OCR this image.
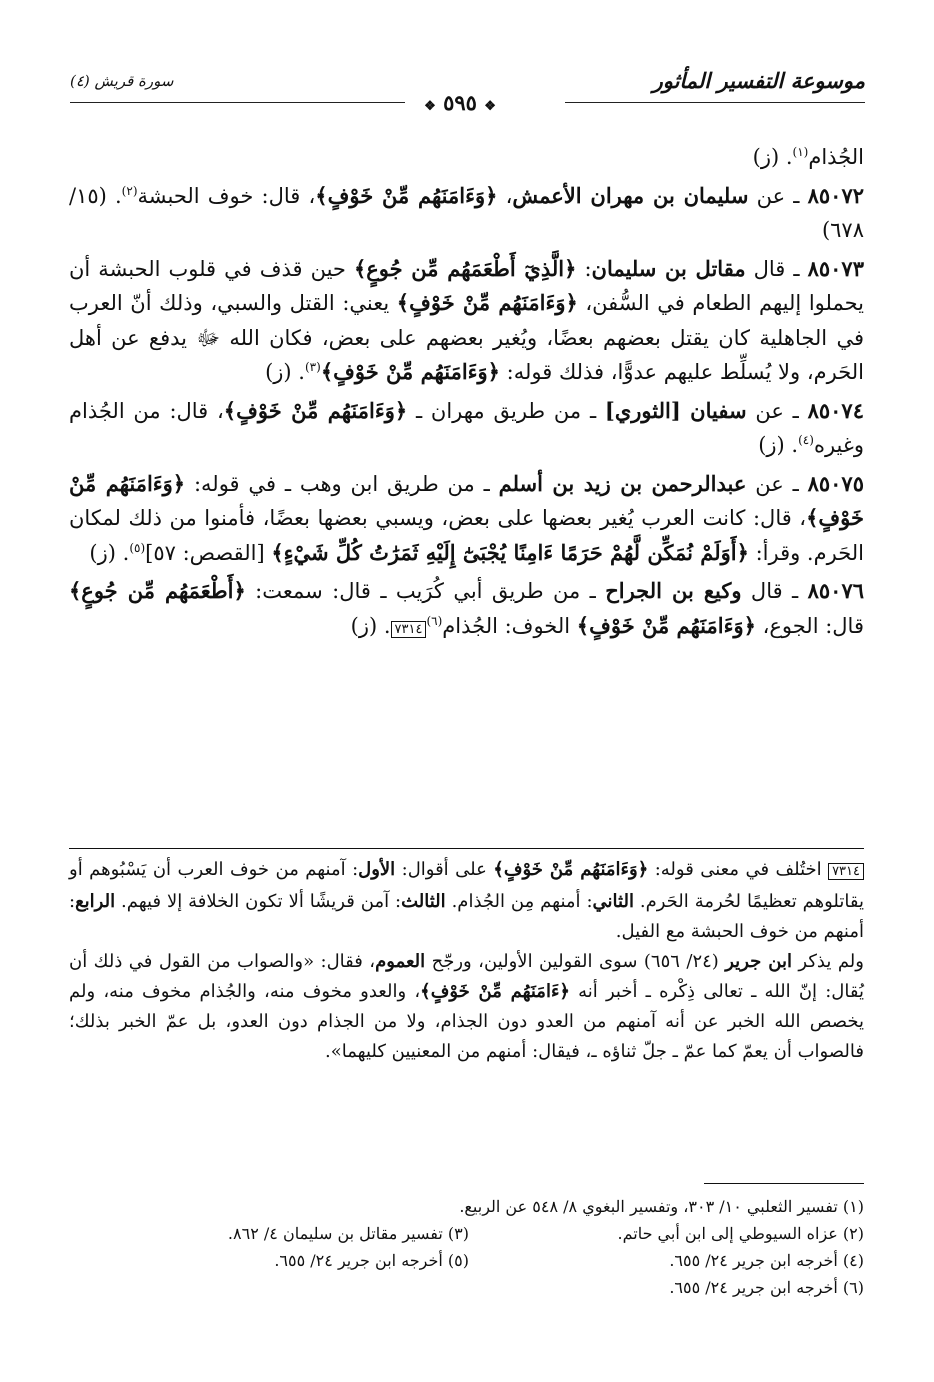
موسوعة التفسير المأثور
سورة قريش (٤)
❖ ٥٩٥ ❖

الجُذام$^{(١)}$. (ز)

٨٥٠٧٢ ـ عن سليمان بن مهران الأعمش، ﴿وَءَامَنَهُم مِّنْ خَوْفٍ﴾، قال: خوف الحبشة$^{(٢)}$. (١٥/ ٦٧٨)

٨٥٠٧٣ ـ قال مقاتل بن سليمان: ﴿الَّذِيٓ أَطْعَمَهُم مِّن جُوعٍ﴾ حين قذف في قلوب الحبشة أن يحملوا إليهم الطعام في السُّفن، ﴿وَءَامَنَهُم مِّنْ خَوْفٍ﴾ يعني: القتل والسبي، وذلك أنّ العرب في الجاهلية كان يقتل بعضهم بعضًا، ويُغير بعضهم على بعض، فكان الله ﷻ يدفع عن أهل الحَرم، ولا يُسلِّط عليهم عدوًّا، فذلك قوله: ﴿وَءَامَنَهُم مِّنْ خَوْفٍ﴾$^{(٣)}$. (ز)

٨٥٠٧٤ ـ عن سفيان [الثوري] ـ من طريق مهران ـ ﴿وَءَامَنَهُم مِّنْ خَوْفٍ﴾، قال: من الجُذام وغيره$^{(٤)}$. (ز)

٨٥٠٧٥ ـ عن عبدالرحمن بن زيد بن أسلم ـ من طريق ابن وهب ـ في قوله: ﴿وَءَامَنَهُم مِّنْ خَوْفٍ﴾، قال: كانت العرب يُغير بعضها على بعض، ويسبي بعضها بعضًا، فأمنوا من ذلك لمكان الحَرم. وقرأ: ﴿أَوَلَمْ نُمَكِّن لَّهُمْ حَرَمًا ءَامِنًا يُجْبَىٰٓ إِلَيْهِ ثَمَرَٰتُ كُلِّ شَيْءٍ﴾ [القصص: ٥٧]$^{(٥)}$. (ز)

٨٥٠٧٦ ـ قال وكيع بن الجراح ـ من طريق أبي كُرَيب ـ قال: سمعت: ﴿أَطْعَمَهُم مِّن جُوعٍ﴾ قال: الجوع، ﴿وَءَامَنَهُم مِّنْ خَوْفٍ﴾ الخوف: الجُذام$^{(٦)}$٧٣١٤. (ز)

٧٣١٤ اختُلف في معنى قوله: ﴿وَءَامَنَهُم مِّنْ خَوْفٍ﴾ على أقوال: الأول: آمنهم من خوف العرب أن يَسْبُوهم أو يقاتلوهم تعظيمًا لحُرمة الحَرم. الثاني: أمنهم مِن الجُذام. الثالث: آمن قريشًا ألا تكون الخلافة إلا فيهم. الرابع: أمنهم من خوف الحبشة مع الفيل.

ولم يذكر ابن جرير (٢٤/ ٦٥٦) سوى القولين الأولين، ورجّح العموم، فقال: «والصواب من القول في ذلك أن يُقال: إنّ الله ـ تعالى ذِكْره ـ أخبر أنه ﴿ءَامَنَهُم مِّنْ خَوْفٍ﴾، والعدو مخوف منه، والجُذام مخوف منه، ولم يخصص الله الخبر عن أنه آمنهم من العدو دون الجذام، ولا من الجذام دون العدو، بل عمّ الخبر بذلك؛ فالصواب أن يعمّ كما عمّ ـ جلّ ثناؤه ـ، فيقال: أمنهم من المعنيين كليهما».

(١) تفسير الثعلبي ١٠/ ٣٠٣، وتفسير البغوي ٨/ ٥٤٨ عن الربيع.
(٢) عزاه السيوطي إلى ابن أبي حاتم.
(٣) تفسير مقاتل بن سليمان ٤/ ٨٦٢.
(٤) أخرجه ابن جرير ٢٤/ ٦٥٥.
(٥) أخرجه ابن جرير ٢٤/ ٦٥٥.
(٦) أخرجه ابن جرير ٢٤/ ٦٥٥.
